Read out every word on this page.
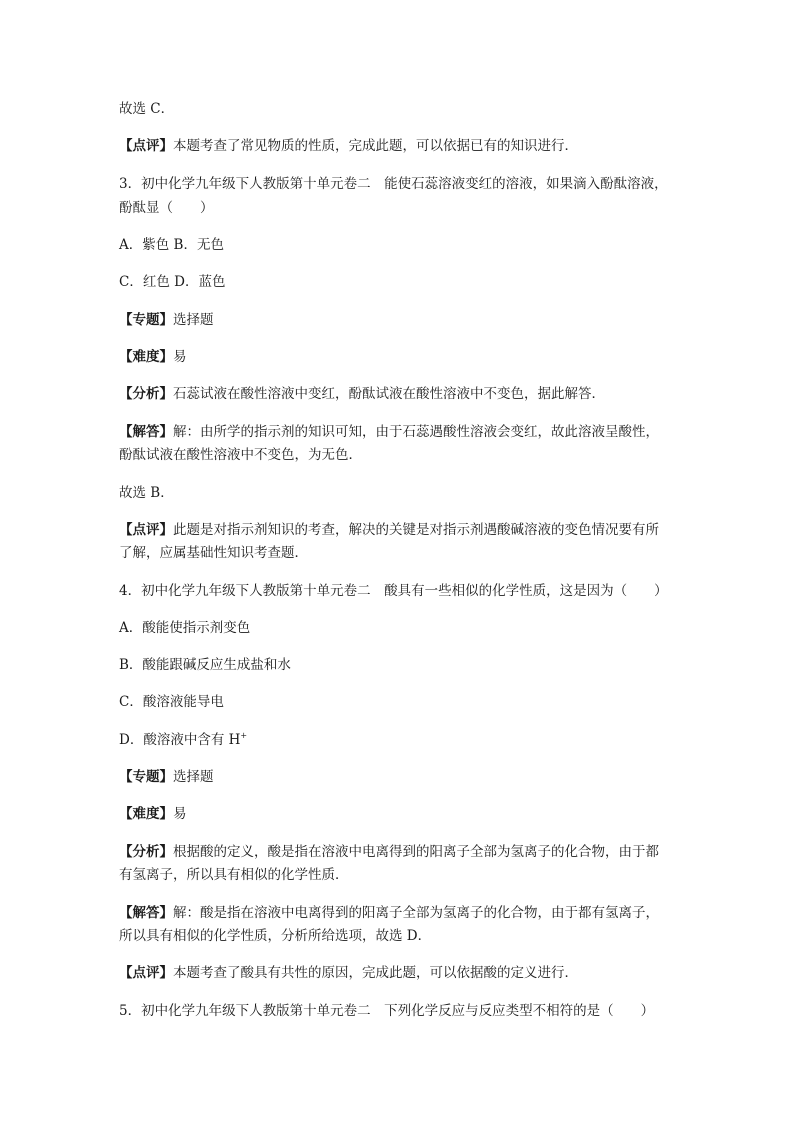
故选 C．
【点评】本题考查了常见物质的性质，完成此题，可以依据已有的知识进行．
3．初中化学九年级下人教版第十单元卷二　能使石蕊溶液变红的溶液，如果滴入酚酞溶液，
酚酞显（　　）
A．紫色 B．无色
C．红色 D．蓝色
【专题】选择题
【难度】易
【分析】石蕊试液在酸性溶液中变红，酚酞试液在酸性溶液中不变色，据此解答．
【解答】解：由所学的指示剂的知识可知，由于石蕊遇酸性溶液会变红，故此溶液呈酸性，
酚酞试液在酸性溶液中不变色，为无色．
故选 B．
【点评】此题是对指示剂知识的考查，解决的关键是对指示剂遇酸碱溶液的变色情况要有所
了解，应属基础性知识考查题．
4．初中化学九年级下人教版第十单元卷二　酸具有一些相似的化学性质，这是因为（　　）
A．酸能使指示剂变色
B．酸能跟碱反应生成盐和水
C．酸溶液能导电
D．酸溶液中含有 H+
【专题】选择题
【难度】易
【分析】根据酸的定义，酸是指在溶液中电离得到的阳离子全部为氢离子的化合物，由于都
有氢离子，所以具有相似的化学性质．
【解答】解：酸是指在溶液中电离得到的阳离子全部为氢离子的化合物，由于都有氢离子，
所以具有相似的化学性质，分析所给选项，故选 D．
【点评】本题考查了酸具有共性的原因，完成此题，可以依据酸的定义进行．
5．初中化学九年级下人教版第十单元卷二　下列化学反应与反应类型不相符的是（　　）
